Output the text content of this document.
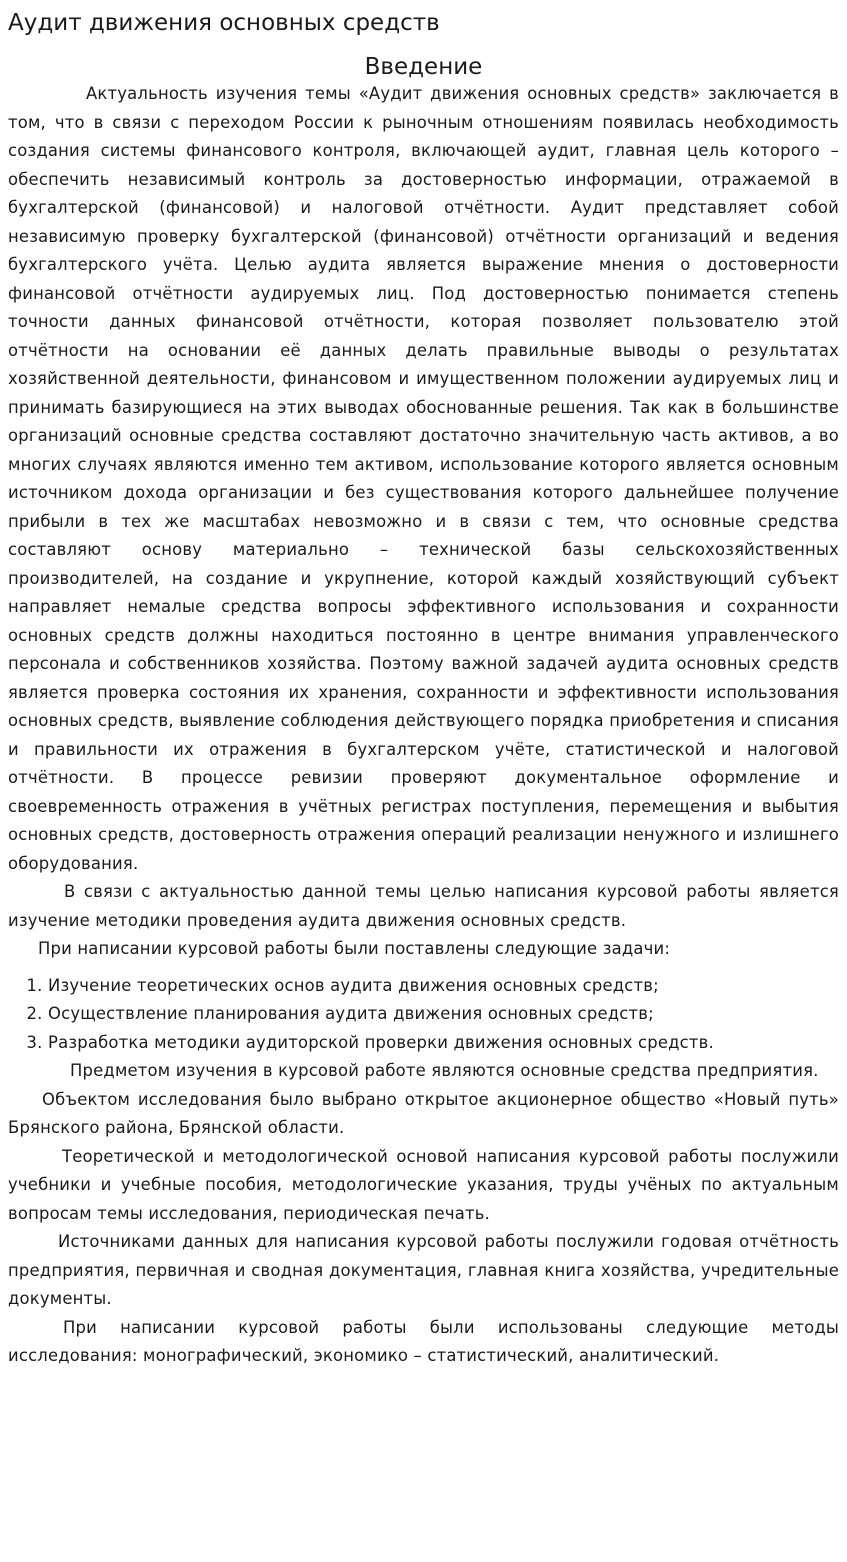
Аудит движения основных средств
Введение

Актуальность изучения темы «Аудит движения основных средств» заключается в том, что в связи с переходом России к рыночным отношениям появилась необходимость создания системы финансового контроля, включающей аудит, главная цель которого – обеспечить независимый контроль за достоверностью информации, отражаемой в бухгалтерской (финансовой) и налоговой отчётности. Аудит представляет собой независимую проверку бухгалтерской (финансовой) отчётности организаций и ведения бухгалтерского учёта. Целью аудита является выражение мнения о достоверности финансовой отчётности аудируемых лиц. Под достоверностью понимается степень точности данных финансовой отчётности, которая позволяет пользователю этой отчётности на основании её данных делать правильные выводы о результатах хозяйственной деятельности, финансовом и имущественном положении аудируемых лиц и принимать базирующиеся на этих выводах обоснованные решения. Так как в большинстве организаций основные средства составляют достаточно значительную часть активов, а во многих случаях являются именно тем активом, использование которого является основным источником дохода организации и без существования которого дальнейшее получение прибыли в тех же масштабах невозможно и в связи с тем, что основные средства составляют основу материально – технической базы сельскохозяйственных производителей, на создание и укрупнение, которой каждый хозяйствующий субъект направляет немалые средства вопросы эффективного использования и сохранности основных средств должны находиться постоянно в центре внимания управленческого персонала и собственников хозяйства. Поэтому важной задачей аудита основных средств является проверка состояния их хранения, сохранности и эффективности использования основных средств, выявление соблюдения действующего порядка приобретения и списания и правильности их отражения в бухгалтерском учёте, статистической и налоговой отчётности. В процессе ревизии проверяют документальное оформление и своевременность отражения в учётных регистрах поступления, перемещения и выбытия основных средств, достоверность отражения операций реализации ненужного и излишнего оборудования.

В связи с актуальностью данной темы целью написания курсовой работы является изучение методики проведения аудита движения основных средств.

При написании курсовой работы были поставлены следующие задачи:

1. Изучение теоретических основ аудита движения основных средств;
2. Осуществление планирования аудита движения основных средств;
3. Разработка методики аудиторской проверки движения основных средств.

Предметом изучения в курсовой работе являются основные средства предприятия.

Объектом исследования было выбрано открытое акционерное общество «Новый путь» Брянского района, Брянской области.

Теоретической и методологической основой написания курсовой работы послужили учебники и учебные пособия, методологические указания, труды учёных по актуальным вопросам темы исследования, периодическая печать.

Источниками данных для написания курсовой работы послужили годовая отчётность предприятия, первичная и сводная документация, главная книга хозяйства, учредительные документы.

При написании курсовой работы были использованы следующие методы исследования: монографический, экономико – статистический, аналитический.
